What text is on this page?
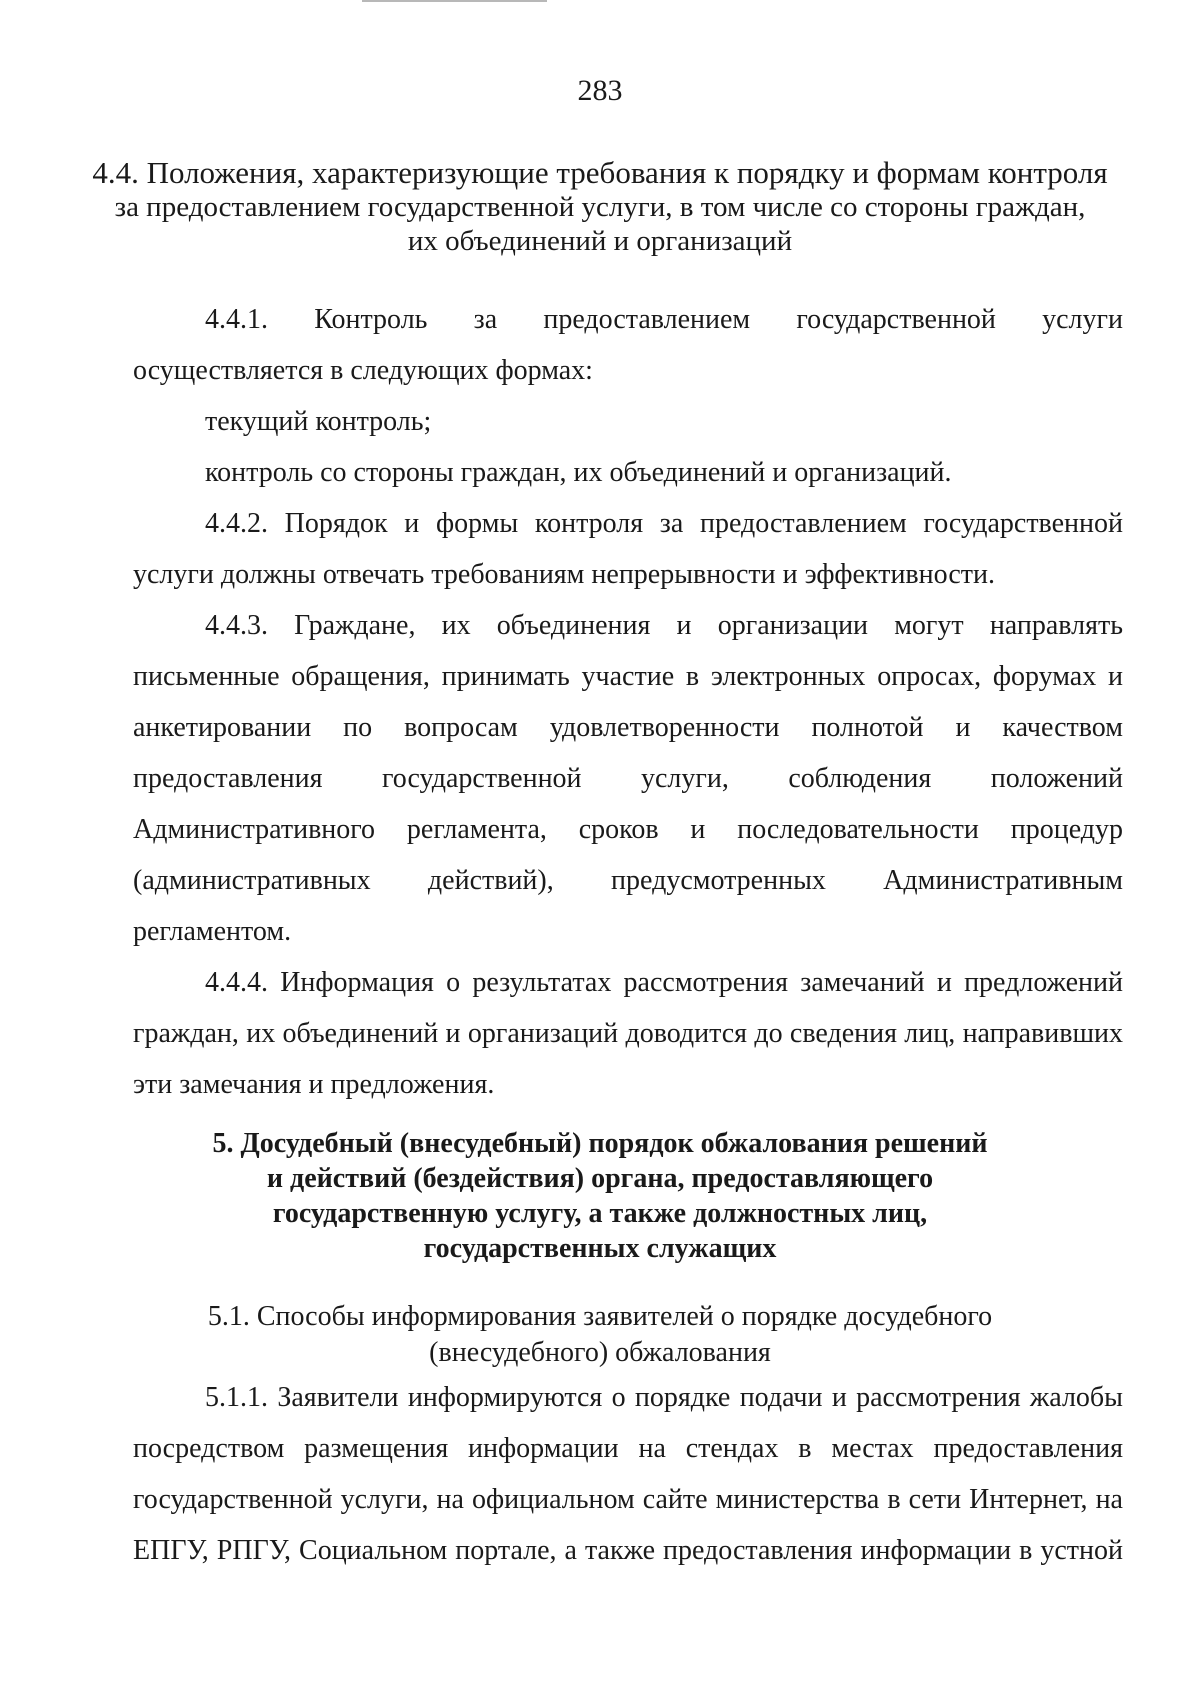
283
4.4. Положения, характеризующие требования к порядку и формам контроля
за предоставлением государственной услуги, в том числе со стороны граждан,
их объединений и организаций

4.4.1. Контроль за предоставлением государственной услуги осуществляется в следующих формах:

текущий контроль;

контроль со стороны граждан, их объединений и организаций.

4.4.2. Порядок и формы контроля за предоставлением государственной услуги должны отвечать требованиям непрерывности и эффективности.

4.4.3. Граждане, их объединения и организации могут направлять письменные обращения, принимать участие в электронных опросах, форумах и анкетировании по вопросам удовлетворенности полнотой и качеством предоставления государственной услуги, соблюдения положений Административного регламента, сроков и последовательности процедур (административных действий), предусмотренных Административным регламентом.

4.4.4. Информация о результатах рассмотрения замечаний и предложений граждан, их объединений и организаций доводится до сведения лиц, направивших эти замечания и предложения.

5. Досудебный (внесудебный) порядок обжалования решений
и действий (бездействия) органа, предоставляющего
государственную услугу, а также должностных лиц,
государственных служащих
5.1. Способы информирования заявителей о порядке досудебного
(внесудебного) обжалования

5.1.1. Заявители информируются о порядке подачи и рассмотрения жалобы посредством размещения информации на стендах в местах предоставления государственной услуги, на официальном сайте министерства в сети Интернет, на ЕПГУ, РПГУ, Социальном портале, а также предоставления информации в устной
